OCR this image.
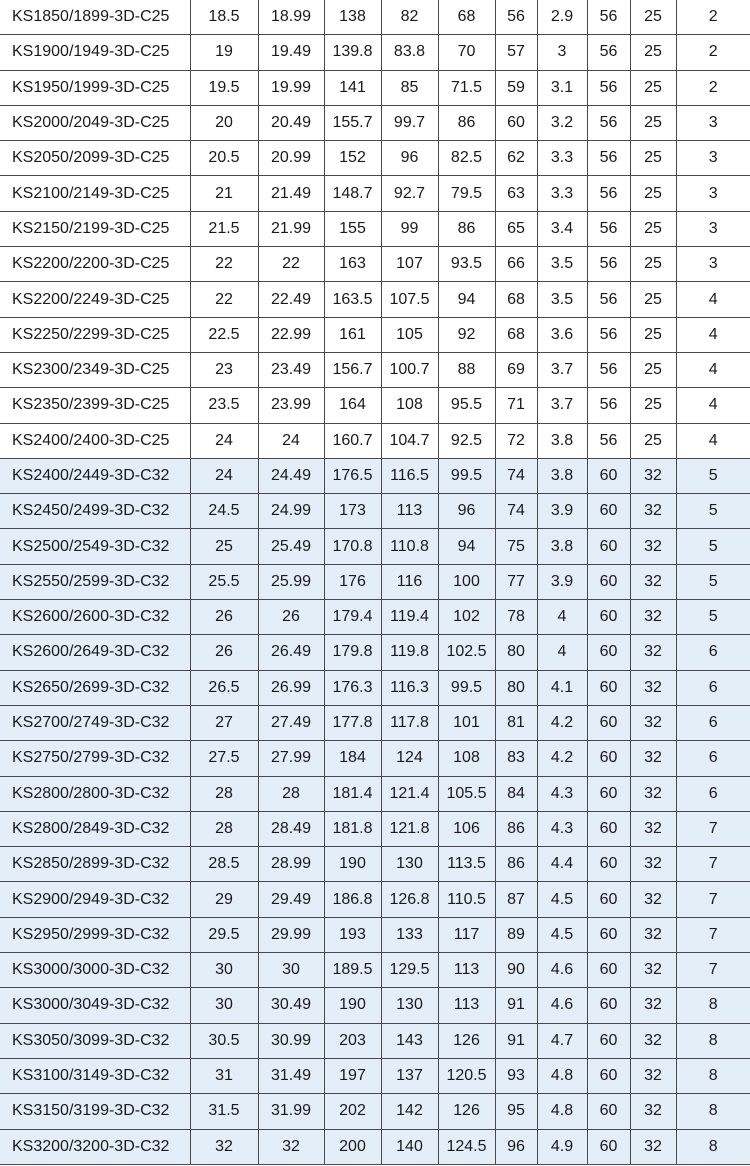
KS1850/1899-3D-C25	18.5	18.99	138	82	68	56	2.9	56	25	2
KS1900/1949-3D-C25	19	19.49	139.8	83.8	70	57	3	56	25	2
KS1950/1999-3D-C25	19.5	19.99	141	85	71.5	59	3.1	56	25	2
KS2000/2049-3D-C25	20	20.49	155.7	99.7	86	60	3.2	56	25	3
KS2050/2099-3D-C25	20.5	20.99	152	96	82.5	62	3.3	56	25	3
KS2100/2149-3D-C25	21	21.49	148.7	92.7	79.5	63	3.3	56	25	3
KS2150/2199-3D-C25	21.5	21.99	155	99	86	65	3.4	56	25	3
KS2200/2200-3D-C25	22	22	163	107	93.5	66	3.5	56	25	3
KS2200/2249-3D-C25	22	22.49	163.5	107.5	94	68	3.5	56	25	4
KS2250/2299-3D-C25	22.5	22.99	161	105	92	68	3.6	56	25	4
KS2300/2349-3D-C25	23	23.49	156.7	100.7	88	69	3.7	56	25	4
KS2350/2399-3D-C25	23.5	23.99	164	108	95.5	71	3.7	56	25	4
KS2400/2400-3D-C25	24	24	160.7	104.7	92.5	72	3.8	56	25	4
KS2400/2449-3D-C32	24	24.49	176.5	116.5	99.5	74	3.8	60	32	5
KS2450/2499-3D-C32	24.5	24.99	173	113	96	74	3.9	60	32	5
KS2500/2549-3D-C32	25	25.49	170.8	110.8	94	75	3.8	60	32	5
KS2550/2599-3D-C32	25.5	25.99	176	116	100	77	3.9	60	32	5
KS2600/2600-3D-C32	26	26	179.4	119.4	102	78	4	60	32	5
KS2600/2649-3D-C32	26	26.49	179.8	119.8	102.5	80	4	60	32	6
KS2650/2699-3D-C32	26.5	26.99	176.3	116.3	99.5	80	4.1	60	32	6
KS2700/2749-3D-C32	27	27.49	177.8	117.8	101	81	4.2	60	32	6
KS2750/2799-3D-C32	27.5	27.99	184	124	108	83	4.2	60	32	6
KS2800/2800-3D-C32	28	28	181.4	121.4	105.5	84	4.3	60	32	6
KS2800/2849-3D-C32	28	28.49	181.8	121.8	106	86	4.3	60	32	7
KS2850/2899-3D-C32	28.5	28.99	190	130	113.5	86	4.4	60	32	7
KS2900/2949-3D-C32	29	29.49	186.8	126.8	110.5	87	4.5	60	32	7
KS2950/2999-3D-C32	29.5	29.99	193	133	117	89	4.5	60	32	7
KS3000/3000-3D-C32	30	30	189.5	129.5	113	90	4.6	60	32	7
KS3000/3049-3D-C32	30	30.49	190	130	113	91	4.6	60	32	8
KS3050/3099-3D-C32	30.5	30.99	203	143	126	91	4.7	60	32	8
KS3100/3149-3D-C32	31	31.49	197	137	120.5	93	4.8	60	32	8
KS3150/3199-3D-C32	31.5	31.99	202	142	126	95	4.8	60	32	8
KS3200/3200-3D-C32	32	32	200	140	124.5	96	4.9	60	32	8
